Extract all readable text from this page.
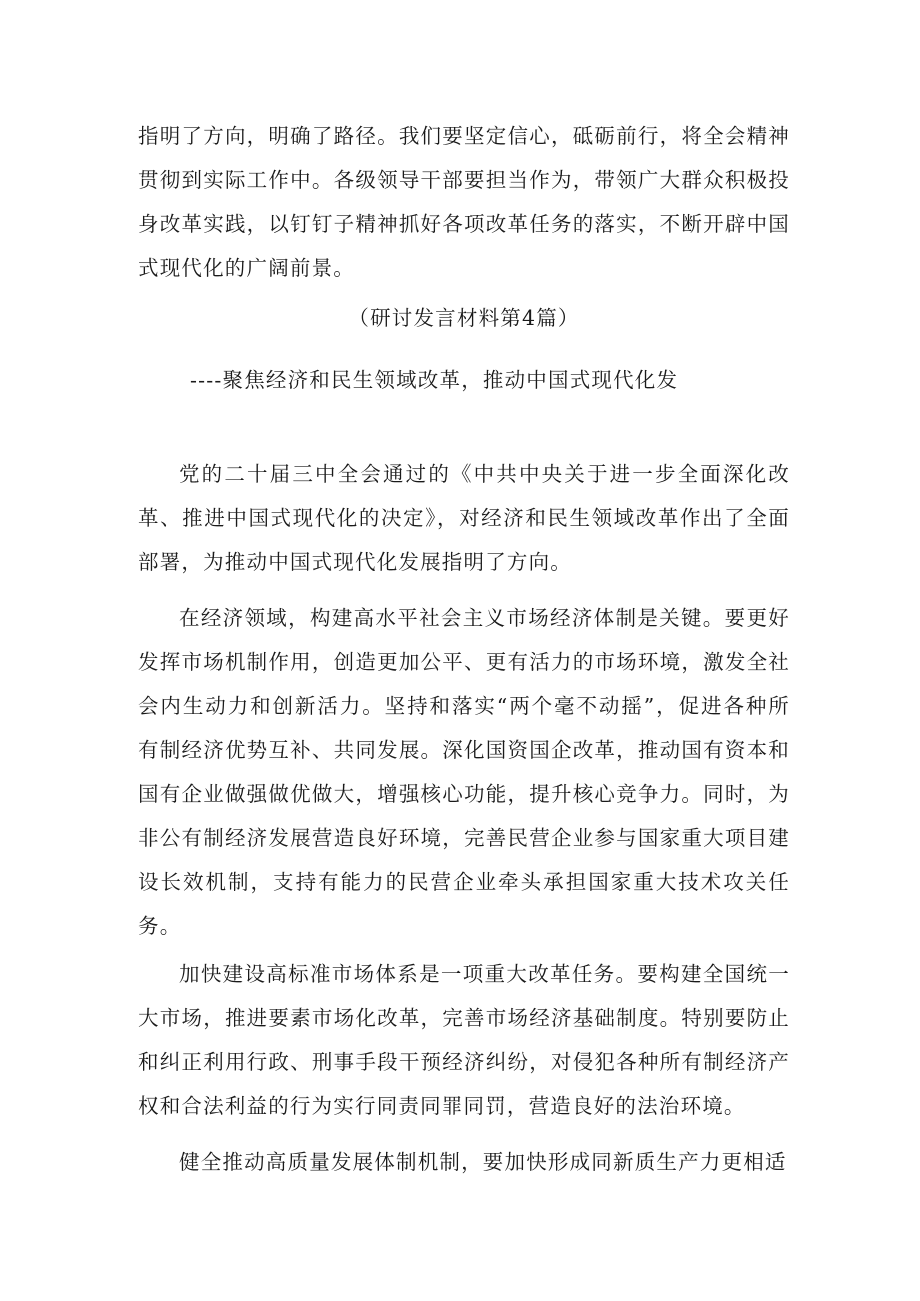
指明了方向，明确了路径。我们要坚定信心，砥砺前行，将全会精神贯彻到实际工作中。各级领导干部要担当作为，带领广大群众积极投身改革实践，以钉钉子精神抓好各项改革任务的落实，不断开辟中国式现代化的广阔前景。

（研讨发言材料第4篇）

----聚焦经济和民生领域改革，推动中国式现代化发

党的二十届三中全会通过的《中共中央关于进一步全面深化改革、推进中国式现代化的决定》，对经济和民生领域改革作出了全面部署，为推动中国式现代化发展指明了方向。

在经济领域，构建高水平社会主义市场经济体制是关键。要更好发挥市场机制作用，创造更加公平、更有活力的市场环境，激发全社会内生动力和创新活力。坚持和落实“两个毫不动摇”，促进各种所有制经济优势互补、共同发展。深化国资国企改革，推动国有资本和国有企业做强做优做大，增强核心功能，提升核心竞争力。同时，为非公有制经济发展营造良好环境，完善民营企业参与国家重大项目建设长效机制，支持有能力的民营企业牵头承担国家重大技术攻关任务。

加快建设高标准市场体系是一项重大改革任务。要构建全国统一大市场，推进要素市场化改革，完善市场经济基础制度。特别要防止和纠正利用行政、刑事手段干预经济纠纷，对侵犯各种所有制经济产权和合法利益的行为实行同责同罪同罚，营造良好的法治环境。

健全推动高质量发展体制机制，要加快形成同新质生产力更相适
